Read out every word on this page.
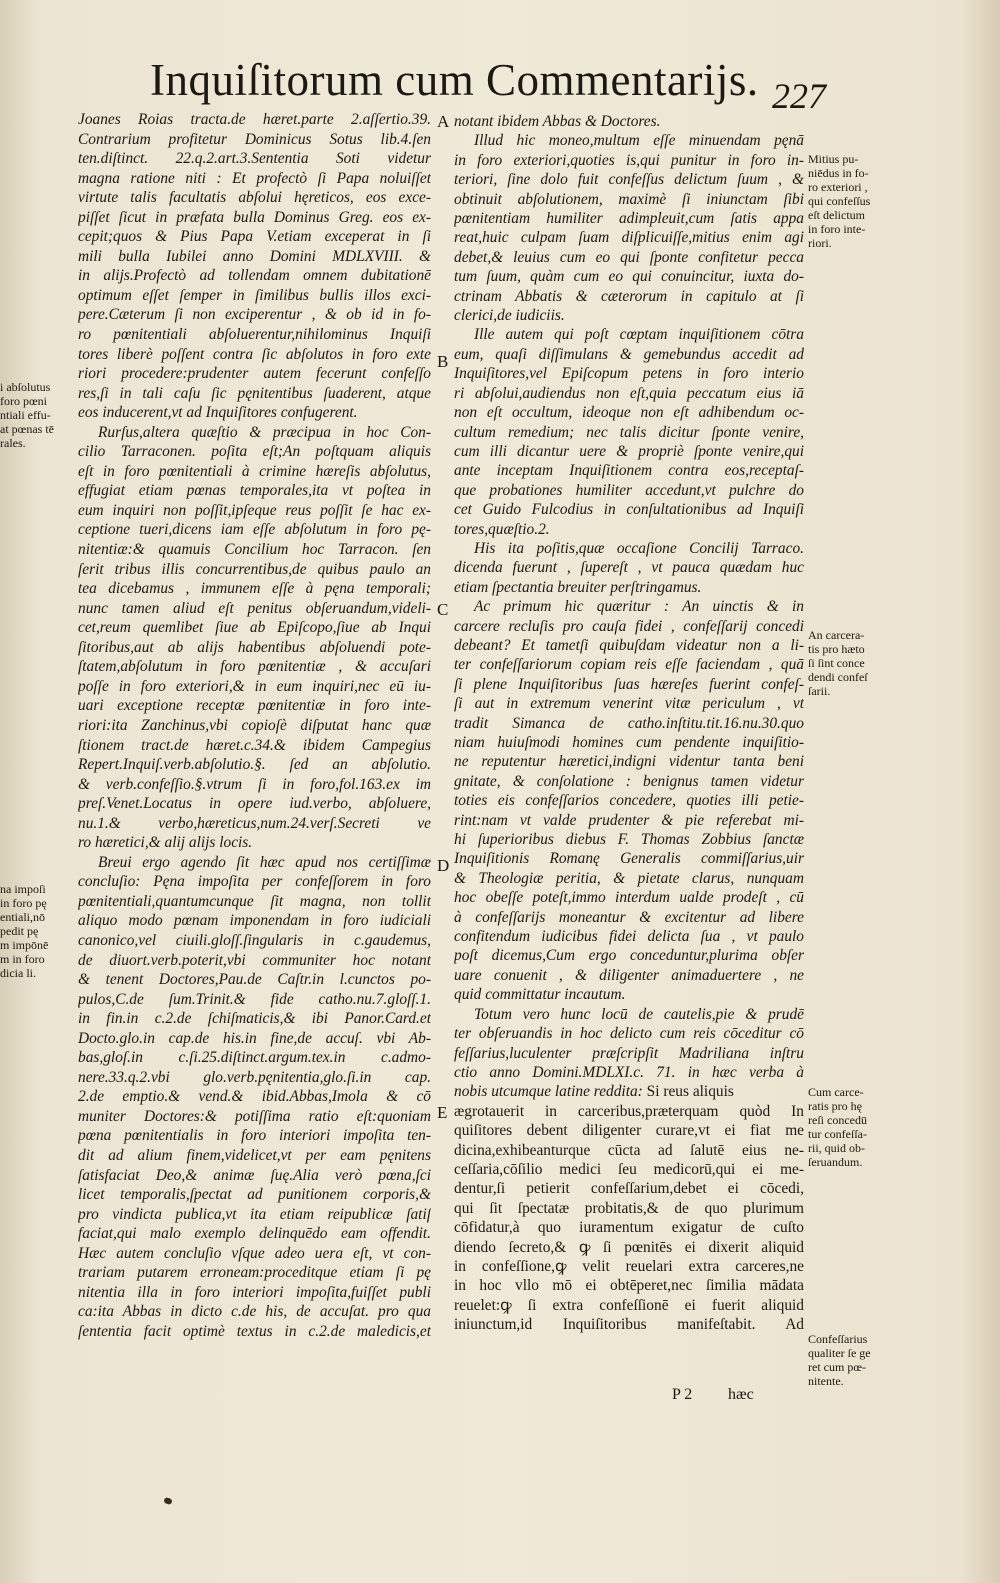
Inquiſitorum cum Commentarijs. 227
Joanes Roias tracta.de hæret.parte 2.aſſertio.39.
Contrarium profitetur Dominicus Sotus lib.4.ſen
ten.diſtinct. 22.q.2.art.3.Sententia Soti videtur
magna ratione niti : Et profectò ſi Papa noluiſſet
virtute talis facultatis abſolui hęreticos, eos exce-
piſſet ſicut in præfata bulla Dominus Greg. eos ex-
cepit;quos & Pius Papa V.etiam exceperat in ſi
mili bulla Iubilei anno Domini MDLXVIII. &
in alijs.Profectò ad tollendam omnem dubitationē
optimum eſſet ſemper in ſimilibus bullis illos exci-
pere.Cæterum ſi non exciperentur , & ob id in fo-
ro pœnitentiali abſoluerentur,nihilominus Inquiſi
tores liberè poſſent contra ſic abſolutos in foro exte
riori procedere:prudenter autem fecerunt confeſſo
res,ſi in tali caſu ſic pęnitentibus ſuaderent, atque
eos inducerent,vt ad Inquiſitores confugerent.
Rurſus,altera quæſtio & præcipua in hoc Con-
cilio Tarraconen. poſita eſt;An poſtquam aliquis
eſt in foro pœnitentiali à crimine hæreſis abſolutus,
effugiat etiam pœnas temporales,ita vt poſtea in
eum inquiri non poſſit,ipſeque reus poſſit ſe hac ex-
ceptione tueri,dicens iam eſſe abſolutum in foro pę-
nitentiæ:& quamuis Concilium hoc Tarracon. ſen
ſerit tribus illis concurrentibus,de quibus paulo an
tea dicebamus , immunem eſſe à pęna temporali;
nunc tamen aliud eſt penitus obſeruandum,videli-
cet,reum quemlibet ſiue ab Epiſcopo,ſiue ab Inqui
ſitoribus,aut ab alijs habentibus abſoluendi pote-
ſtatem,abſolutum in foro pœnitentiæ , & accuſari
poſſe in foro exteriori,& in eum inquiri,nec eū iu-
uari exceptione receptæ pœnitentiæ in foro inte-
riori:ita Zanchinus,vbi copioſè diſputat hanc quæ
ſtionem tract.de hæret.c.34.& ibidem Campegius
Repert.Inquiſ.verb.abſolutio.§. ſed an abſolutio.
& verb.confeſſio.§.vtrum ſi in foro,fol.163.ex im
preſ.Venet.Locatus in opere iud.verbo, abſoluere,
nu.1.& verbo,hæreticus,num.24.verſ.Secreti ve
ro hæretici,& alij alijs locis.
Breui ergo agendo ſit hæc apud nos certiſſimæ
concluſio: Pęna impoſita per confeſſorem in foro
pœnitentiali,quantumcunque ſit magna, non tollit
aliquo modo pœnam imponendam in foro iudiciali
canonico,vel ciuili.gloſſ.ſingularis in c.gaudemus,
de diuort.verb.poterit,vbi communiter hoc notant
& tenent Doctores,Pau.de Caſtr.in l.cunctos po-
pulos,C.de ſum.Trinit.& fide catho.nu.7.gloſſ.1.
in fin.in c.2.de ſchiſmaticis,& ibi Panor.Card.et
Docto.glo.in cap.de his.in fine,de accuſ. vbi Ab-
bas,gloſ.in c.ſi.25.diſtinct.argum.tex.in c.admo-
nere.33.q.2.vbi glo.verb.pęnitentia,glo.ſi.in cap.
2.de emptio.& vend.& ibid.Abbas,Imola & cō
muniter Doctores:& potiſſima ratio eſt:quoniam
pœna pœnitentialis in foro interiori impoſita ten-
dit ad alium finem,videlicet,vt per eam pęnitens
ſatisfaciat Deo,& animæ ſuę.Alia verò pœna,ſci
licet temporalis,ſpectat ad punitionem corporis,&
pro vindicta publica,vt ita etiam reipublicæ ſatiſ
faciat,qui malo exemplo delinquēdo eam offendit.
Hæc autem concluſio vſque adeo uera eſt, vt con-
trariam putarem erroneam:proceditque etiam ſi pę
nitentia illa in foro interiori impoſita,fuiſſet publi
ca:ita Abbas in dicto c.de his, de accuſat. pro qua
ſententia facit optimè textus in c.2.de maledicis,et
notant ibidem Abbas & Doctores.
Illud hic moneo,multum eſſe minuendam pęnā
in foro exteriori,quoties is,qui punitur in foro in-
teriori, ſine dolo fuit confeſſus delictum ſuum , &
obtinuit abſolutionem, maximè ſi iniunctam ſibi
pœnitentiam humiliter adimpleuit,cum ſatis appa
reat,huic culpam ſuam diſplicuiſſe,mitius enim agi
debet,& leuius cum eo qui ſponte confitetur pecca
tum ſuum, quàm cum eo qui conuincitur, iuxta do-
ctrinam Abbatis & cæterorum in capitulo at ſi
clerici,de iudiciis.
Ille autem qui poſt cœptam inquiſitionem cōtra
eum, quaſi diſſimulans & gemebundus accedit ad
Inquiſitores,vel Epiſcopum petens in foro interio
ri abſolui,audiendus non eſt,quia peccatum eius iā
non eſt occultum, ideoque non eſt adhibendum oc-
cultum remedium; nec talis dicitur ſponte venire,
cum illi dicantur uere & propriè ſponte venire,qui
ante inceptam Inquiſitionem contra eos,receptaſ-
que probationes humiliter accedunt,vt pulchre do
cet Guido Fulcodius in conſultationibus ad Inquiſi
tores,quæſtio.2.
His ita poſitis,quæ occaſione Concilij Tarraco.
dicenda fuerunt , ſupereſt , vt pauca quædam huc
etiam ſpectantia breuiter perſtringamus.
Ac primum hic quæritur : An uinctis & in
carcere recluſis pro cauſa fidei , confeſſarij concedi
debeant? Et tametſi quibuſdam videatur non a li-
ter confeſſariorum copiam reis eſſe faciendam , quā
ſi plene Inquiſitoribus ſuas hæreſes fuerint confeſ-
ſi aut in extremum venerint vitæ periculum , vt
tradit Simanca de catho.inſtitu.tit.16.nu.30.quo
niam huiuſmodi homines cum pendente inquiſitio-
ne reputentur hæretici,indigni videntur tanta beni
gnitate, & conſolatione : benignus tamen videtur
toties eis confeſſarios concedere, quoties illi petie-
rint:nam vt valde prudenter & pie referebat mi-
hi ſuperioribus diebus F. Thomas Zobbius ſanctæ
Inquiſitionis Romanę Generalis commiſſarius,uir
& Theologiæ peritia, & pietate clarus, nunquam
hoc obeſſe poteſt,immo interdum ualde prodeſt , cū
à confeſſarijs moneantur & excitentur ad libere
confitendum iudicibus fidei delicta ſua , vt paulo
poſt dicemus,Cum ergo conceduntur,plurima obſer
uare conuenit , & diligenter animaduertere , ne
quid committatur incautum.
Totum vero hunc locū de cautelis,pie & prudē
ter obſeruandis in hoc delicto cum reis cōceditur cō
feſſarius,luculenter præſcripſit Madriliana inſtru
ctio anno Domini.MDLXI.c. 71. in hæc verba à
nobis utcumque latine reddita: Si reus aliquis
ægrotauerit in carceribus,præterquam quòd In
quiſitores debent diligenter curare,vt ei fiat me
dicina,exhibeanturque cūcta ad ſalutē eius ne-
ceſſaria,cōſilio medici ſeu medicorū,qui ei me-
dentur,ſi petierit confeſſarium,debet ei cōcedi,
qui ſit ſpectatæ probitatis,& de quo plurimum
cōfidatur,à quo iuramentum exigatur de cuſto
diendo ſecreto,& ꝙ ſi pœnitēs ei dixerit aliquid
in confeſſione,ꝙ velit reuelari extra carceres,ne
in hoc vllo mō ei obtēperet,nec ſimilia mādata
reuelet:ꝙ ſi extra confeſſionē ei fuerit aliquid
iniunctum,id Inquiſitoribus manifeſtabit. Ad
A
B
C
D
E
i abſolutus
foro pœni
ntiali effu-
at pœnas tē
rales.
na impoſi
in foro pę
entiali,nō
pedit pę
m impōnē
m in foro
dicia li.
Mitius pu-
niēdus in fo-
ro exteriori ,
qui confeſſus
eſt delictum
in foro inte-
riori.
An carcera-
tis pro hæto
ſi ſint conce
dendi confeſ
ſarii.
Cum carce-
ratis pro hę
reſi concedū
tur confeſſa-
rii, quid ob-
ſeruandum.
Confeſſarius
qualiter ſe ge
ret cum pœ-
nitente.
P 2 hæc
